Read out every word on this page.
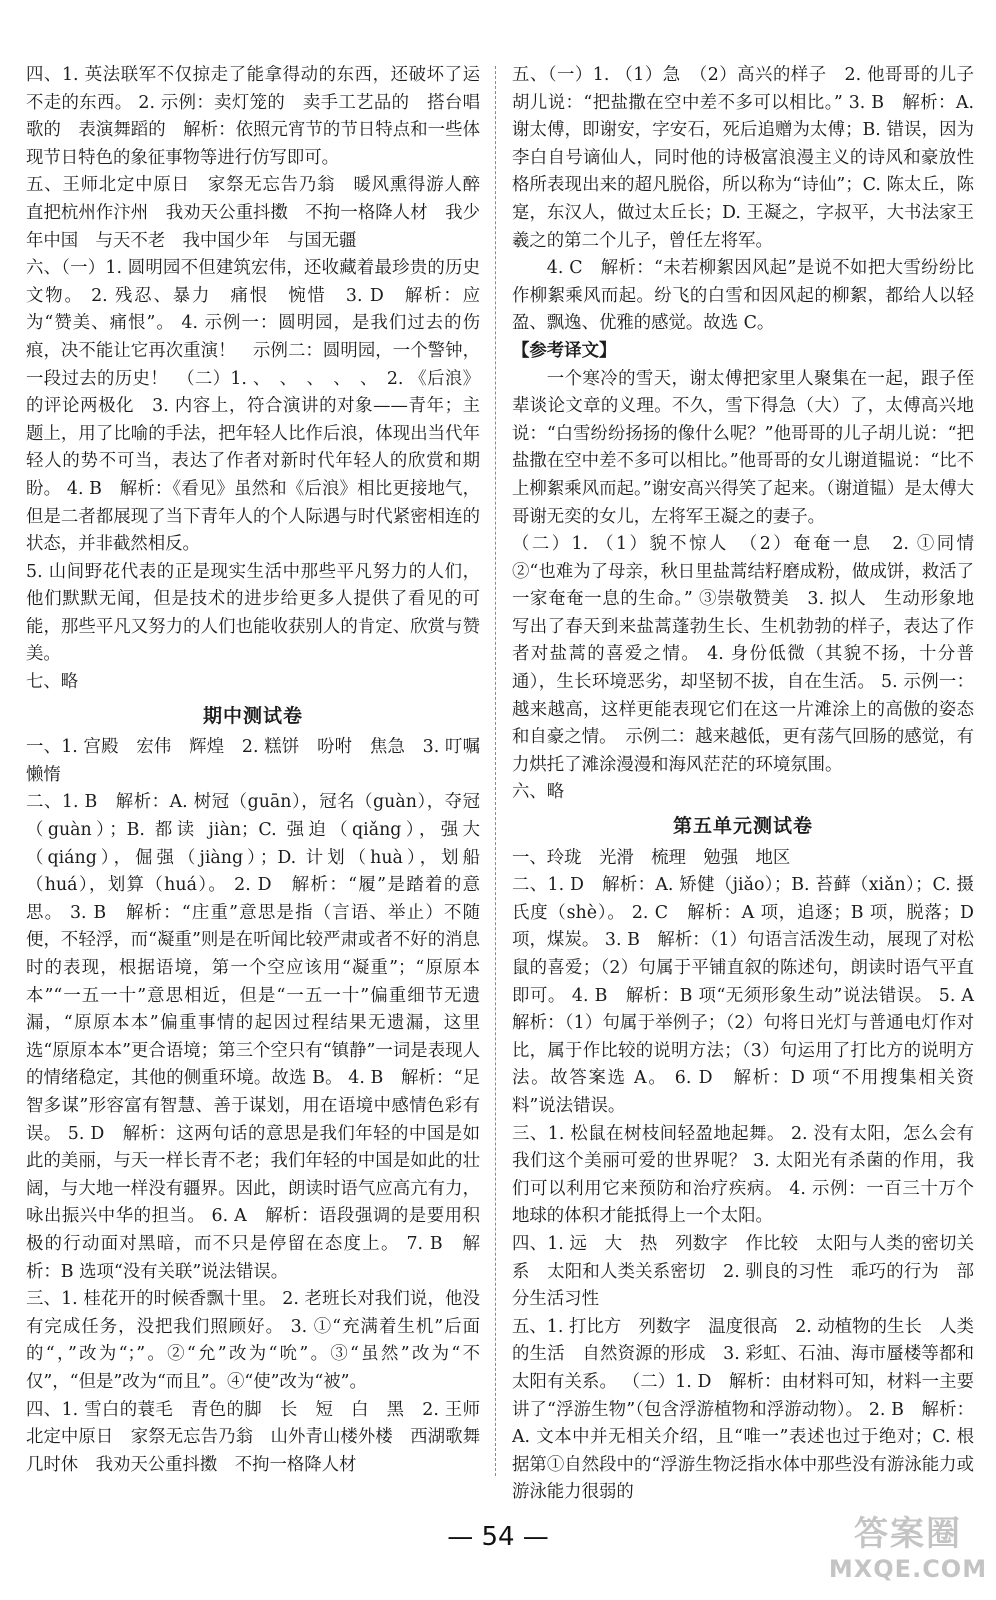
四、1. 英法联军不仅掠走了能拿得动的东西，还破坏了运不走的东西。 2. 示例：卖灯笼的　卖手工艺品的　搭台唱歌的　表演舞蹈的　解析：依照元宵节的节日特点和一些体现节日特色的象征事物等进行仿写即可。

五、王师北定中原日　家祭无忘告乃翁　暖风熏得游人醉　直把杭州作汴州　我劝天公重抖擞　不拘一格降人材　我少年中国　与天不老　我中国少年　与国无疆

六、（一）1. 圆明园不但建筑宏伟，还收藏着最珍贵的历史文物。 2. 残忍、暴力　痛恨　惋惜　3. D　解析：应为“赞美、痛恨”。 4. 示例一：圆明园，是我们过去的伤痕，决不能让它再次重演！　示例二：圆明园，一个警钟，一段过去的历史！　（二）1. 、　、　、　、　、　2. 《后浪》的评论两极化　3. 内容上，符合演讲的对象——青年；主题上，用了比喻的手法，把年轻人比作后浪，体现出当代年轻人的势不可当，表达了作者对新时代年轻人的欣赏和期盼。 4. B　解析：《看见》虽然和《后浪》相比更接地气，但是二者都展现了当下青年人的个人际遇与时代紧密相连的状态，并非截然相反。

5. 山间野花代表的正是现实生活中那些平凡努力的人们，他们默默无闻，但是技术的进步给更多人提供了看见的可能，那些平凡又努力的人们也能收获别人的肯定、欣赏与赞美。

七、略

期中测试卷

一、1. 宫殿　宏伟　辉煌　2. 糕饼　吩咐　焦急　3. 叮嘱　懒惰

二、1. B　解析：A. 树冠（guān），冠名（guàn），夺冠（guàn）；B. 都读 jiàn；C. 强迫（qiǎng），强大（qiáng），倔强（jiàng）；D. 计划（huà），划船（huá），划算（huá）。 2. D　解析：“履”是踏着的意思。 3. B　解析：“庄重”意思是指（言语、举止）不随便，不轻浮，而“凝重”则是在听闻比较严肃或者不好的消息时的表现，根据语境，第一个空应该用“凝重”；“原原本本”“一五一十”意思相近，但是“一五一十”偏重细节无遗漏，“原原本本”偏重事情的起因过程结果无遗漏，这里选“原原本本”更合语境；第三个空只有“镇静”一词是表现人的情绪稳定，其他的侧重环境。故选 B。 4. B　解析：“足智多谋”形容富有智慧、善于谋划，用在语境中感情色彩有误。 5. D　解析：这两句话的意思是我们年轻的中国是如此的美丽，与天一样长青不老；我们年轻的中国是如此的壮阔，与大地一样没有疆界。因此，朗读时语气应高亢有力，咏出振兴中华的担当。 6. A　解析：语段强调的是要用积极的行动面对黑暗，而不只是停留在态度上。 7. B　解析：B 选项“没有关联”说法错误。

三、1. 桂花开的时候香飘十里。 2. 老班长对我们说，他没有完成任务，没把我们照顾好。 3. ①“充满着生机”后面的“，”改为“；”。②“允”改为“吮”。③“虽然”改为“不仅”，“但是”改为“而且”。④“使”改为“被”。

四、1. 雪白的蓑毛　青色的脚　长　短　白　黑　2. 王师北定中原日　家祭无忘告乃翁　山外青山楼外楼　西湖歌舞几时休　我劝天公重抖擞　不拘一格降人材

五、（一）1. （1）急　（2）高兴的样子　2. 他哥哥的儿子胡儿说：“把盐撒在空中差不多可以相比。” 3. B　解析：A. 谢太傅，即谢安，字安石，死后追赠为太傅；B. 错误，因为李白自号谪仙人，同时他的诗极富浪漫主义的诗风和豪放性格所表现出来的超凡脱俗，所以称为“诗仙”；C. 陈太丘，陈寔，东汉人，做过太丘长；D. 王凝之，字叔平，大书法家王羲之的第二个儿子，曾任左将军。

4. C　解析：“未若柳絮因风起”是说不如把大雪纷纷比作柳絮乘风而起。纷飞的白雪和因风起的柳絮，都给人以轻盈、飘逸、优雅的感觉。故选 C。

【参考译文】

一个寒冷的雪天，谢太傅把家里人聚集在一起，跟子侄辈谈论文章的义理。不久，雪下得急（大）了，太傅高兴地说：“白雪纷纷扬扬的像什么呢？”他哥哥的儿子胡儿说：“把盐撒在空中差不多可以相比。”他哥哥的女儿谢道韫说：“比不上柳絮乘风而起。”谢安高兴得笑了起来。（谢道韫）是太傅大哥谢无奕的女儿，左将军王凝之的妻子。

（二）1. （1）貌不惊人　（2）奄奄一息　2. ①同情　②“也难为了母亲，秋日里盐蒿结籽磨成粉，做成饼，救活了一家奄奄一息的生命。” ③崇敬赞美　3. 拟人　生动形象地写出了春天到来盐蒿蓬勃生长、生机勃勃的样子，表达了作者对盐蒿的喜爱之情。 4. 身份低微（其貌不扬，十分普通），生长环境恶劣，却坚韧不拔，自在生活。 5. 示例一：越来越高，这样更能表现它们在这一片滩涂上的高傲的姿态和自豪之情。　示例二：越来越低，更有荡气回肠的感觉，有力烘托了滩涂漫漫和海风茫茫的环境氛围。

六、略

第五单元测试卷

一、玲珑　光滑　梳理　勉强　地区

二、1. D　解析：A. 矫健（jiǎo）；B. 苔藓（xiǎn）；C. 摄氏度（shè）。 2. C　解析：A 项，追逐；B 项，脱落；D 项，煤炭。 3. B　解析：（1）句语言活泼生动，展现了对松鼠的喜爱；（2）句属于平铺直叙的陈述句，朗读时语气平直即可。 4. B　解析：B 项“无须形象生动”说法错误。 5. A　解析：（1）句属于举例子；（2）句将日光灯与普通电灯作对比，属于作比较的说明方法；（3）句运用了打比方的说明方法。故答案选 A。 6. D　解析：D 项“不用搜集相关资料”说法错误。

三、1. 松鼠在树枝间轻盈地起舞。 2. 没有太阳，怎么会有我们这个美丽可爱的世界呢？ 3. 太阳光有杀菌的作用，我们可以利用它来预防和治疗疾病。 4. 示例：一百三十万个地球的体积才能抵得上一个太阳。

四、1. 远　大　热　列数字　作比较　太阳与人类的密切关系　太阳和人类关系密切　2. 驯良的习性　乖巧的行为　部分生活习性

五、1. 打比方　列数字　温度很高　2. 动植物的生长　人类的生活　自然资源的形成　3. 彩虹、石油、海市蜃楼等都和太阳有关系。 （二）1. D　解析：由材料可知，材料一主要讲了“浮游生物”（包含浮游植物和浮游动物）。 2. B　解析：A. 文本中并无相关介绍，且“唯一”表述也过于绝对；C. 根据第①自然段中的“浮游生物泛指水体中那些没有游泳能力或游泳能力很弱的

— 54 —	答案圈
MXQE.COM
